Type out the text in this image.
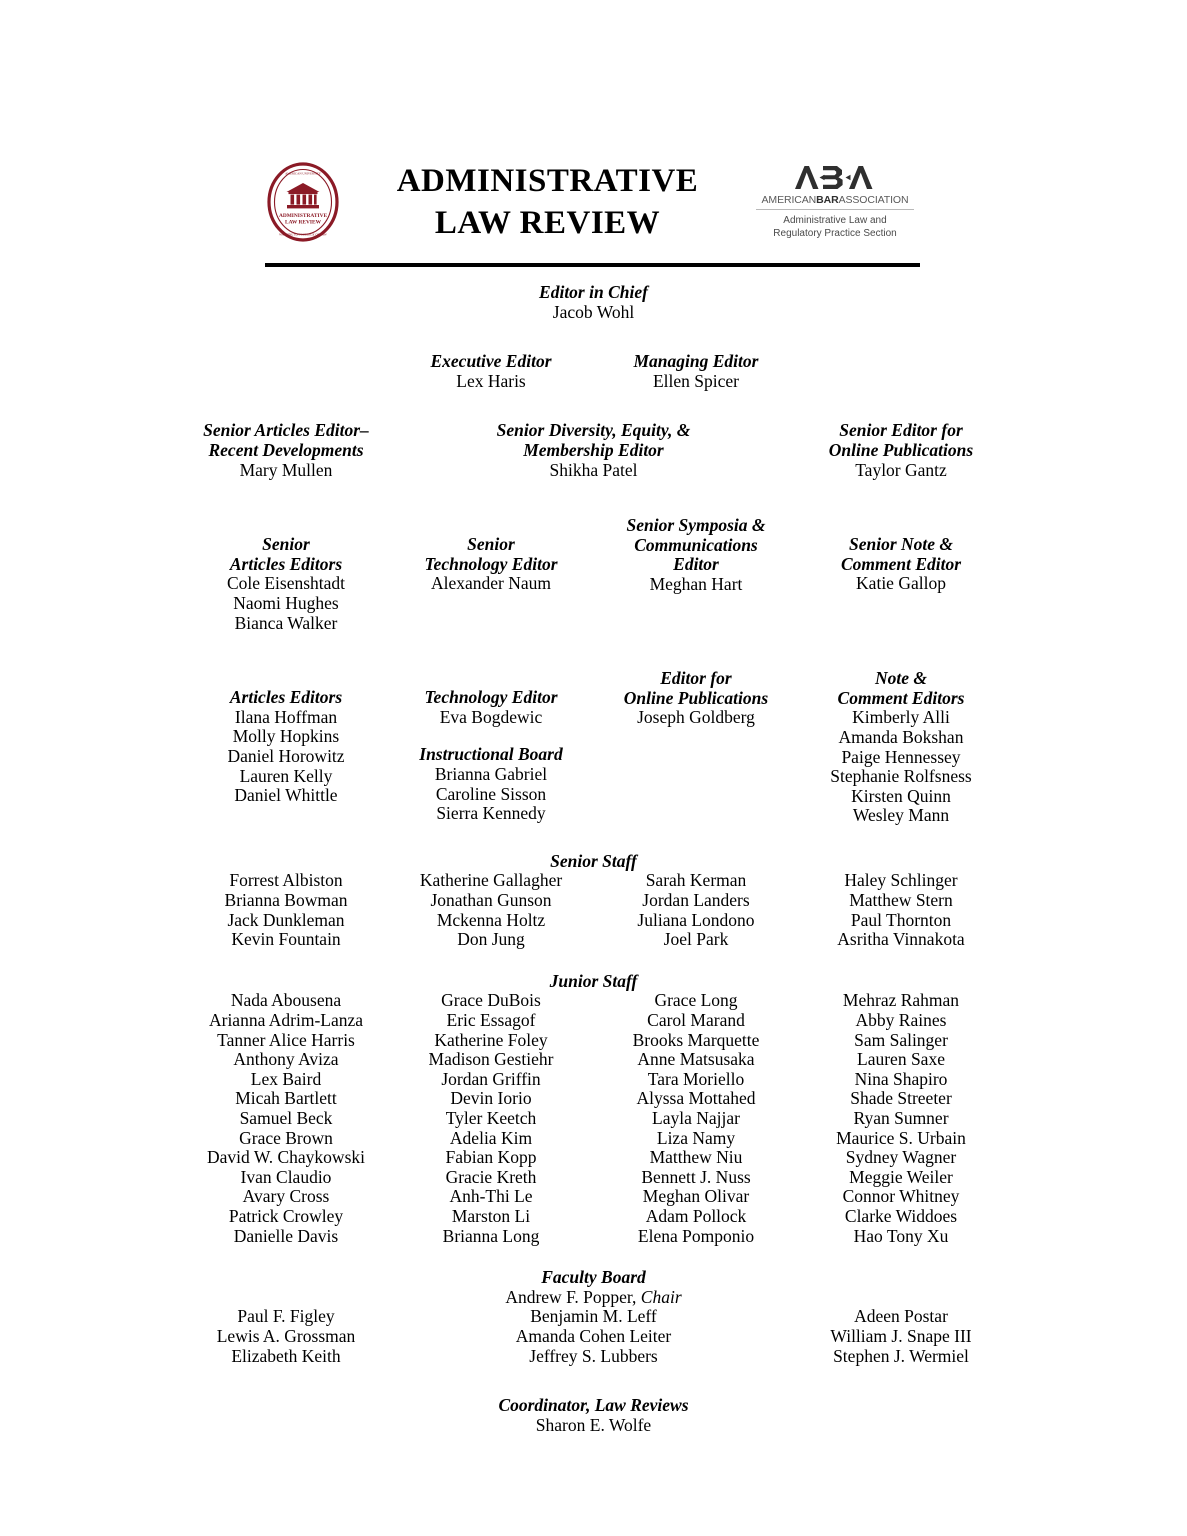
ADMINISTRATIVE
LAW REVIEW
AMERICAN UNIVERSITY
WASHINGTON COLLEGE OF LAW
ADMINISTRATIVE
LAW REVIEW
AMERICANBARASSOCIATION
Administrative Law and
Regulatory Practice Section
Editor in Chief
Jacob Wohl
Executive Editor
Lex Haris
Managing Editor
Ellen Spicer
Senior Articles Editor–
Recent Developments
Mary Mullen
Senior Diversity, Equity, &
Membership Editor
Shikha Patel
Senior Editor for
Online Publications
Taylor Gantz
Senior
Articles Editors
Cole Eisenshtadt
Naomi Hughes
Bianca Walker
Senior
Technology Editor
Alexander Naum
Senior Symposia &
Communications
Editor
Meghan Hart
Senior Note &
Comment Editor
Katie Gallop
Articles Editors
Ilana Hoffman
Molly Hopkins
Daniel Horowitz
Lauren Kelly
Daniel Whittle
Technology Editor
Eva Bogdewic
Instructional Board
Brianna Gabriel
Caroline Sisson
Sierra Kennedy
Editor for
Online Publications
Joseph Goldberg
Note &
Comment Editors
Kimberly Alli
Amanda Bokshan
Paige Hennessey
Stephanie Rolfsness
Kirsten Quinn
Wesley Mann
Senior Staff
Forrest Albiston
Brianna Bowman
Jack Dunkleman
Kevin Fountain
Katherine Gallagher
Jonathan Gunson
Mckenna Holtz
Don Jung
Sarah Kerman
Jordan Landers
Juliana Londono
Joel Park
Haley Schlinger
Matthew Stern
Paul Thornton
Asritha Vinnakota
Junior Staff
Nada Abousena
Arianna Adrim-Lanza
Tanner Alice Harris
Anthony Aviza
Lex Baird
Micah Bartlett
Samuel Beck
Grace Brown
David W. Chaykowski
Ivan Claudio
Avary Cross
Patrick Crowley
Danielle Davis
Grace DuBois
Eric Essagof
Katherine Foley
Madison Gestiehr
Jordan Griffin
Devin Iorio
Tyler Keetch
Adelia Kim
Fabian Kopp
Gracie Kreth
Anh-Thi Le
Marston Li
Brianna Long
Grace Long
Carol Marand
Brooks Marquette
Anne Matsusaka
Tara Moriello
Alyssa Mottahed
Layla Najjar
Liza Namy
Matthew Niu
Bennett J. Nuss
Meghan Olivar
Adam Pollock
Elena Pomponio
Mehraz Rahman
Abby Raines
Sam Salinger
Lauren Saxe
Nina Shapiro
Shade Streeter
Ryan Sumner
Maurice S. Urbain
Sydney Wagner
Meggie Weiler
Connor Whitney
Clarke Widdoes
Hao Tony Xu
Faculty Board
Andrew F. Popper, Chair
Paul F. Figley
Lewis A. Grossman
Elizabeth Keith
Benjamin M. Leff
Amanda Cohen Leiter
Jeffrey S. Lubbers
Adeen Postar
William J. Snape III
Stephen J. Wermiel
Coordinator, Law Reviews
Sharon E. Wolfe
